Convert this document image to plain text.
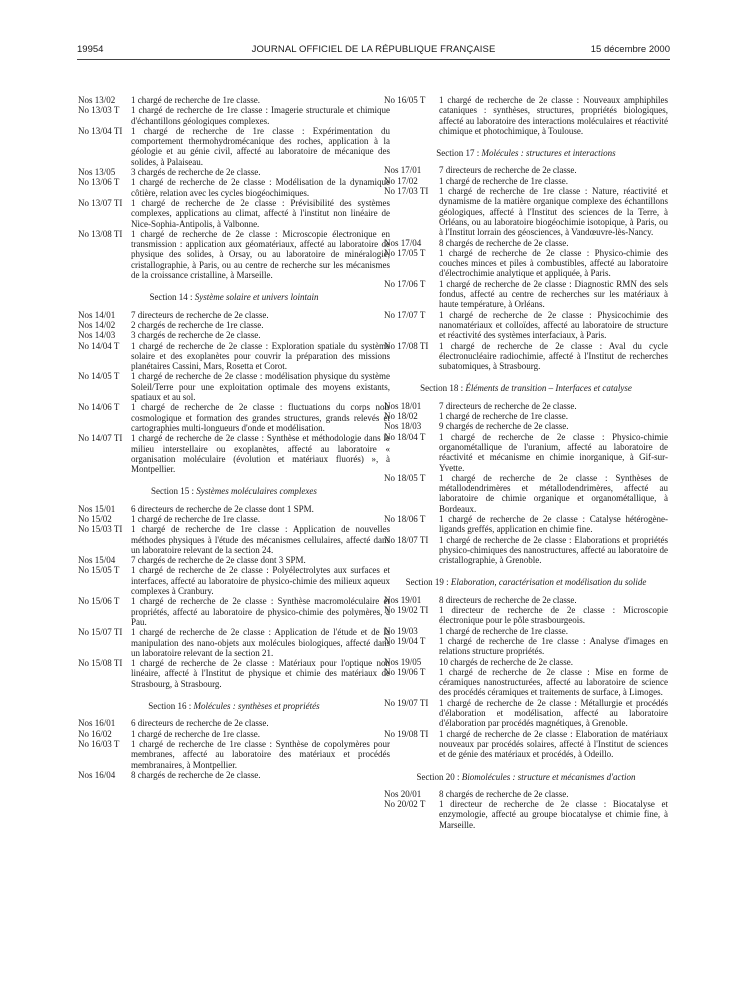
19954	JOURNAL OFFICIEL DE LA RÉPUBLIQUE FRANÇAISE	15 décembre 2000
Nos 13/02	1 chargé de recherche de 1re classe.
No 13/03 T	1 chargé de recherche de 1re classe : Imagerie structurale et chimique d'échantillons géologiques complexes.
No 13/04 TI 1 chargé de recherche de 1re classe : Expérimentation du comportement thermohydromécanique des roches, application à la géologie et au génie civil, affecté au laboratoire de mécanique des solides, à Palaiseau.
Nos 13/05	3 chargés de recherche de 2e classe.
No 13/06 T	1 chargé de recherche de 2e classe : Modélisation de la dynamique côtière, relation avec les cycles biogéochimiques.
No 13/07 TI 1 chargé de recherche de 2e classe : Prévisibilité des systèmes complexes, applications au climat, affecté à l'institut non linéaire de Nice-Sophia-Antipolis, à Valbonne.
No 13/08 TI 1 chargé de recherche de 2e classe : Microscopie électronique en transmission : application aux géomatériaux, affecté au laboratoire de physique des solides, à Orsay, ou au laboratoire de minéralogie, cristallographie, à Paris, ou au centre de recherche sur les mécanismes de la croissance cristalline, à Marseille.
Section 14 : Système solaire et univers lointain
Nos 14/01	7 directeurs de recherche de 2e classe.
Nos 14/02	2 chargés de recherche de 1re classe.
Nos 14/03	3 chargés de recherche de 2e classe.
No 14/04 T	1 chargé de recherche de 2e classe : Exploration spatiale du système solaire et des exoplanètes pour couvrir la préparation des missions planétaires Cassini, Mars, Rosetta et Corot.
No 14/05 T	1 chargé de recherche de 2e classe : modélisation physique du système Soleil/Terre pour une exploitation optimale des moyens existants, spatiaux et au sol.
No 14/06 T	1 chargé de recherche de 2e classe : fluctuations du corps noir cosmologique et formation des grandes structures, grands relevés et cartographies multi-longueurs d'onde et modélisation.
No 14/07 TI 1 chargé de recherche de 2e classe : Synthèse et méthodologie dans le milieu interstellaire ou exoplanètes, affecté au laboratoire « organisation moléculaire (évolution et matériaux fluorés) », à Montpellier.
Section 15 : Systèmes moléculaires complexes
Nos 15/01	6 directeurs de recherche de 2e classe dont 1 SPM.
No 15/02	1 chargé de recherche de 1re classe.
No 15/03 TI 1 chargé de recherche de 1re classe : Application de nouvelles méthodes physiques à l'étude des mécanismes cellulaires, affecté dans un laboratoire relevant de la section 24.
Nos 15/04	7 chargés de recherche de 2e classe dont 3 SPM.
No 15/05 T	1 chargé de recherche de 2e classe : Polyélectrolytes aux surfaces et interfaces, affecté au laboratoire de physico-chimie des milieux aqueux complexes à Cranbury.
No 15/06 T	1 chargé de recherche de 2e classe : Synthèse macromoléculaire et propriétés, affecté au laboratoire de physico-chimie des polymères, à Pau.
No 15/07 TI 1 chargé de recherche de 2e classe : Application de l'étude et de la manipulation des nano-objets aux molécules biologiques, affecté dans un laboratoire relevant de la section 21.
No 15/08 TI 1 chargé de recherche de 2e classe : Matériaux pour l'optique non linéaire, affecté à l'Institut de physique et chimie des matériaux de Strasbourg, à Strasbourg.
Section 16 : Molécules : synthèses et propriétés
Nos 16/01	6 directeurs de recherche de 2e classe.
No 16/02	1 chargé de recherche de 1re classe.
No 16/03 T	1 chargé de recherche de 1re classe : Synthèse de copolymères pour membranes, affecté au laboratoire des matériaux et procédés membranaires, à Montpellier.
Nos 16/04	8 chargés de recherche de 2e classe.
No 16/05 T	1 chargé de recherche de 2e classe : Nouveaux amphiphiles cataniques : synthèses, structures, propriétés biologiques, affecté au laboratoire des interactions moléculaires et réactivité chimique et photochimique, à Toulouse.
Section 17 : Molécules : structures et interactions
Nos 17/01	7 directeurs de recherche de 2e classe.
No 17/02	1 chargé de recherche de 1re classe.
No 17/03 TI	1 chargé de recherche de 1re classe : Nature, réactivité et dynamisme de la matière organique complexe des échantillons géologiques, affecté à l'Institut des sciences de la Terre, à Orléans, ou au laboratoire biogéochimie isotopique, à Paris, ou à l'Institut lorrain des géosciences, à Vandœuvre-lès-Nancy.
Nos 17/04	8 chargés de recherche de 2e classe.
No 17/05 T	1 chargé de recherche de 2e classe : Physico-chimie des couches minces et piles à combustibles, affecté au laboratoire d'électrochimie analytique et appliquée, à Paris.
No 17/06 T	1 chargé de recherche de 2e classe : Diagnostic RMN des sels fondus, affecté au centre de recherches sur les matériaux à haute température, à Orléans.
No 17/07 T	1 chargé de recherche de 2e classe : Physicochimie des nanomatériaux et colloïdes, affecté au laboratoire de structure et réactivité des systèmes interfaciaux, à Paris.
No 17/08 TI	1 chargé de recherche de 2e classe : Aval du cycle électronucléaire radiochimie, affecté à l'Institut de recherches subatomiques, à Strasbourg.
Section 18 : Éléments de transition – Interfaces et catalyse
Nos 18/01	7 directeurs de recherche de 2e classe.
No 18/02	1 chargé de recherche de 1re classe.
Nos 18/03	9 chargés de recherche de 2e classe.
No 18/04 T	1 chargé de recherche de 2e classe : Physico-chimie organométallique de l'uranium, affecté au laboratoire de réactivité et mécanisme en chimie inorganique, à Gif-sur-Yvette.
No 18/05 T	1 chargé de recherche de 2e classe : Synthèses de métallodendrimères et métallodendrimères, affecté au laboratoire de chimie organique et organométallique, à Bordeaux.
No 18/06 T	1 chargé de recherche de 2e classe : Catalyse hétérogène-ligands greffés, application en chimie fine.
No 18/07 TI	1 chargé de recherche de 2e classe : Elaborations et propriétés physico-chimiques des nanostructures, affecté au laboratoire de cristallographie, à Grenoble.
Section 19 : Elaboration, caractérisation et modélisation du solide
Nos 19/01	8 directeurs de recherche de 2e classe.
No 19/02 TI	1 directeur de recherche de 2e classe : Microscopie électronique pour le pôle strasbourgeois.
No 19/03	1 chargé de recherche de 1re classe.
No 19/04 T	1 chargé de recherche de 1re classe : Analyse d'images en relations structure propriétés.
Nos 19/05	10 chargés de recherche de 2e classe.
No 19/06 T	1 chargé de recherche de 2e classe : Mise en forme de céramiques nanostructurées, affecté au laboratoire de science des procédés céramiques et traitements de surface, à Limoges.
No 19/07 TI	1 chargé de recherche de 2e classe : Métallurgie et procédés d'élaboration et modélisation, affecté au laboratoire d'élaboration par procédés magnétiques, à Grenoble.
No 19/08 TI	1 chargé de recherche de 2e classe : Elaboration de matériaux nouveaux par procédés solaires, affecté à l'Institut de sciences et de génie des matériaux et procédés, à Odeillo.
Section 20 : Biomolécules : structure et mécanismes d'action
Nos 20/01	8 chargés de recherche de 2e classe.
No 20/02 T	1 directeur de recherche de 2e classe : Biocatalyse et enzymologie, affecté au groupe biocatalyse et chimie fine, à Marseille.
